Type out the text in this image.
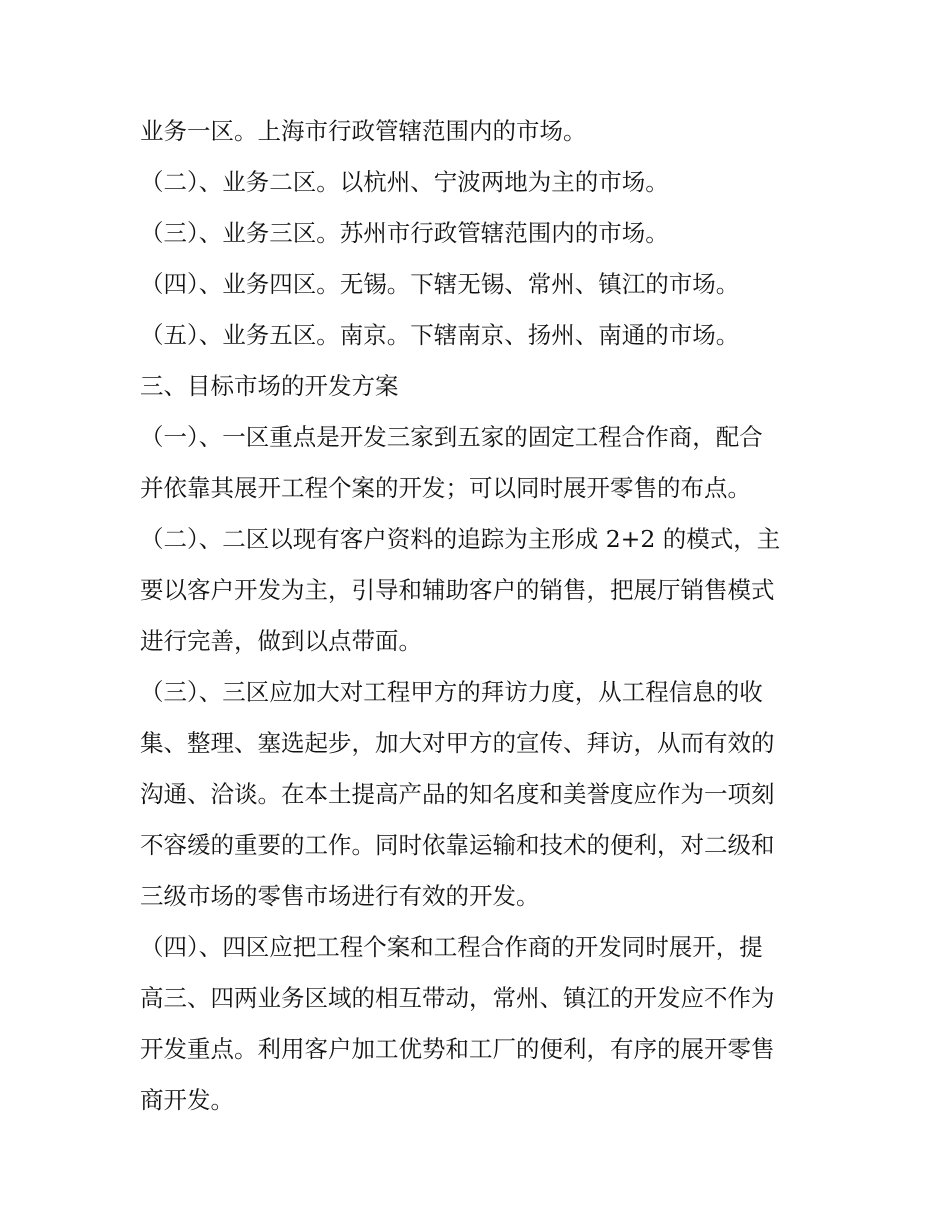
业务一区。上海市行政管辖范围内的市场。
（二）、业务二区。以杭州、宁波两地为主的市场。
（三）、业务三区。苏州市行政管辖范围内的市场。
（四）、业务四区。无锡。下辖无锡、常州、镇江的市场。
（五）、业务五区。南京。下辖南京、扬州、南通的市场。
三、目标市场的开发方案
（一）、一区重点是开发三家到五家的固定工程合作商，配合
并依靠其展开工程个案的开发；可以同时展开零售的布点。
（二）、二区以现有客户资料的追踪为主形成 2+2 的模式，主
要以客户开发为主，引导和辅助客户的销售，把展厅销售模式
进行完善，做到以点带面。
（三）、三区应加大对工程甲方的拜访力度，从工程信息的收
集、整理、塞选起步，加大对甲方的宣传、拜访，从而有效的
沟通、洽谈。在本土提高产品的知名度和美誉度应作为一项刻
不容缓的重要的工作。同时依靠运输和技术的便利，对二级和
三级市场的零售市场进行有效的开发。
（四）、四区应把工程个案和工程合作商的开发同时展开，提
高三、四两业务区域的相互带动，常州、镇江的开发应不作为
开发重点。利用客户加工优势和工厂的便利，有序的展开零售
商开发。
